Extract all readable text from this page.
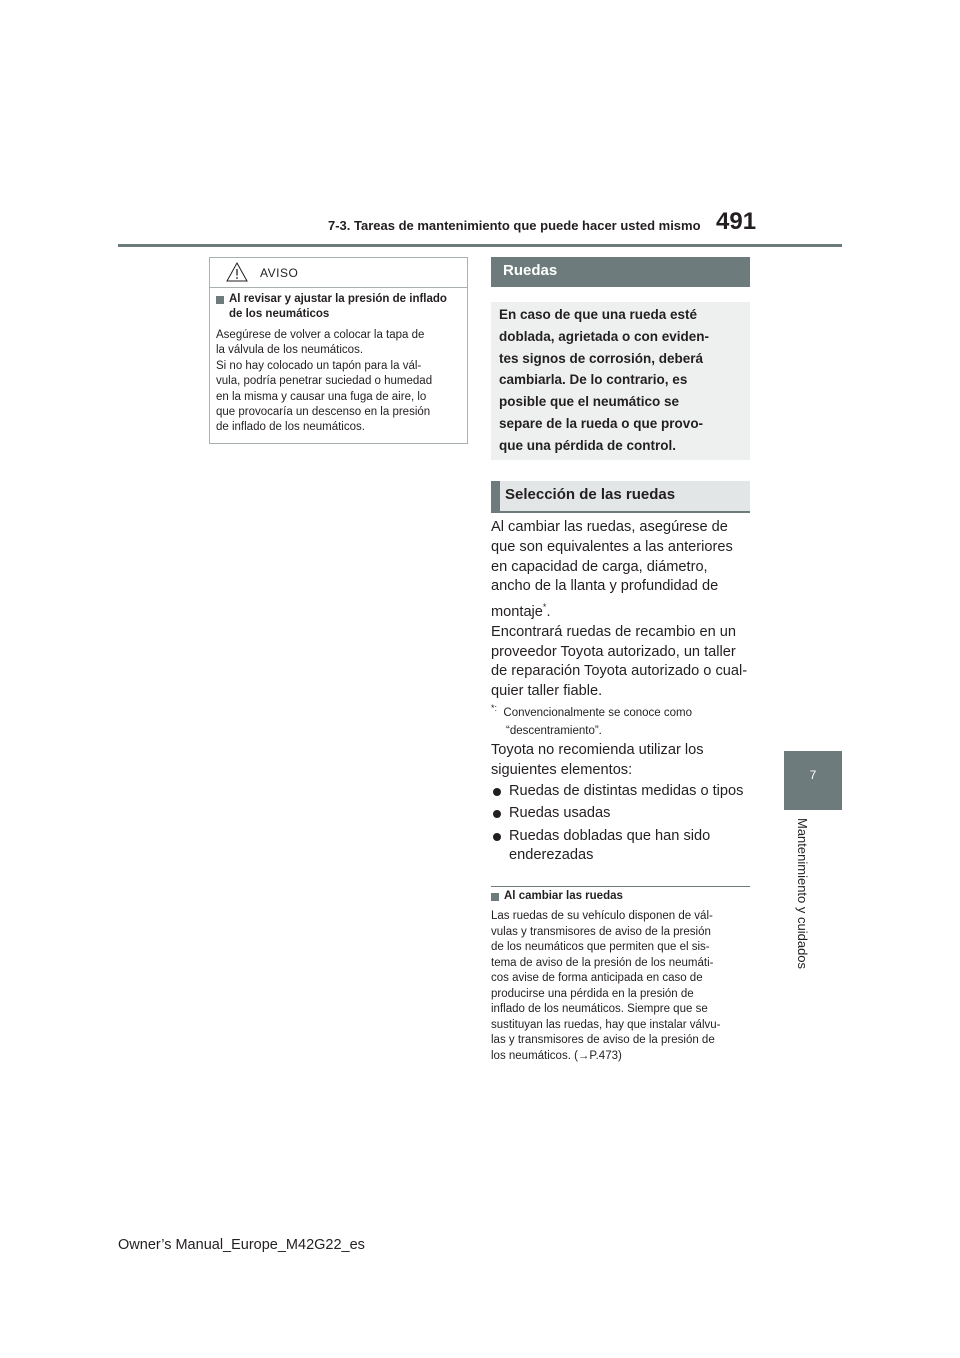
7-3. Tareas de mantenimiento que puede hacer usted mismo 491
7
Mantenimiento y cuidados
AVISO
Al revisar y ajustar la presión de inflado de los neumáticos

Asegúrese de volver a colocar la tapa de

la válvula de los neumáticos.

Si no hay colocado un tapón para la vál-

vula, podría penetrar suciedad o humedad

en la misma y causar una fuga de aire, lo

que provocaría un descenso en la presión

de inflado de los neumáticos.

Ruedas
En caso de que una rueda esté
doblada, agrietada o con eviden-
tes signos de corrosión, deberá
cambiarla. De lo contrario, es
posible que el neumático se
separe de la rueda o que provo-
que una pérdida de control.
Selección de las ruedas

Al cambiar las ruedas, asegúrese de

que son equivalentes a las anteriores

en capacidad de carga, diámetro,

ancho de la llanta y profundidad de

montaje*.

Encontrará ruedas de recambio en un

proveedor Toyota autorizado, un taller

de reparación Toyota autorizado o cual-

quier taller fiable.

*: Convencionalmente se conoce como
“descentramiento”.
Toyota no recomienda utilizar los
siguientes elementos:
Ruedas de distintas medidas o tipos
Ruedas usadas
Ruedas dobladas que han sido enderezadas
Al cambiar las ruedas
Las ruedas de su vehículo disponen de vál-
vulas y transmisores de aviso de la presión
de los neumáticos que permiten que el sis-
tema de aviso de la presión de los neumáti-
cos avise de forma anticipada en caso de
producirse una pérdida en la presión de
inflado de los neumáticos. Siempre que se
sustituyan las ruedas, hay que instalar válvu-
las y transmisores de aviso de la presión de
los neumáticos. (→P.473)
Owner’s Manual_Europe_M42G22_es
